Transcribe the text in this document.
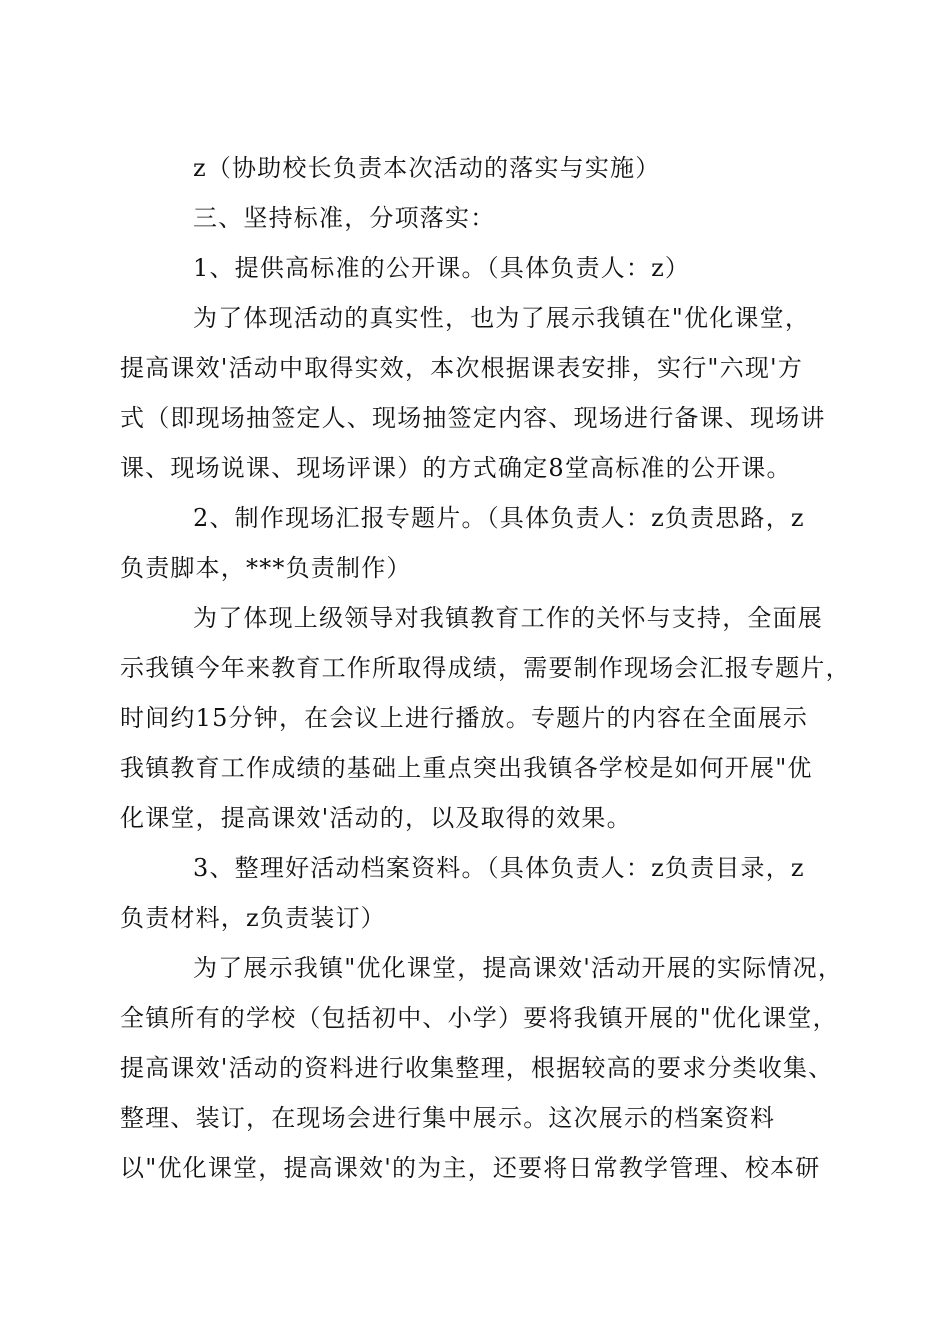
z（协助校长负责本次活动的落实与实施）
三、坚持标准，分项落实：
1、提供高标准的公开课。（具体负责人：z）
为了体现活动的真实性，也为了展示我镇在"优化课堂，
提高课效'活动中取得实效，本次根据课表安排，实行"六现'方
式（即现场抽签定人、现场抽签定内容、现场进行备课、现场讲
课、现场说课、现场评课）的方式确定8堂高标准的公开课。
2、制作现场汇报专题片。（具体负责人：z负责思路，z
负责脚本，***负责制作）
为了体现上级领导对我镇教育工作的关怀与支持，全面展
示我镇今年来教育工作所取得成绩，需要制作现场会汇报专题片，
时间约15分钟，在会议上进行播放。专题片的内容在全面展示
我镇教育工作成绩的基础上重点突出我镇各学校是如何开展"优
化课堂，提高课效'活动的，以及取得的效果。
3、整理好活动档案资料。（具体负责人：z负责目录，z
负责材料，z负责装订）
为了展示我镇"优化课堂，提高课效'活动开展的实际情况，
全镇所有的学校（包括初中、小学）要将我镇开展的"优化课堂，
提高课效'活动的资料进行收集整理，根据较高的要求分类收集、
整理、装订，在现场会进行集中展示。这次展示的档案资料
以"优化课堂，提高课效'的为主，还要将日常教学管理、校本研
